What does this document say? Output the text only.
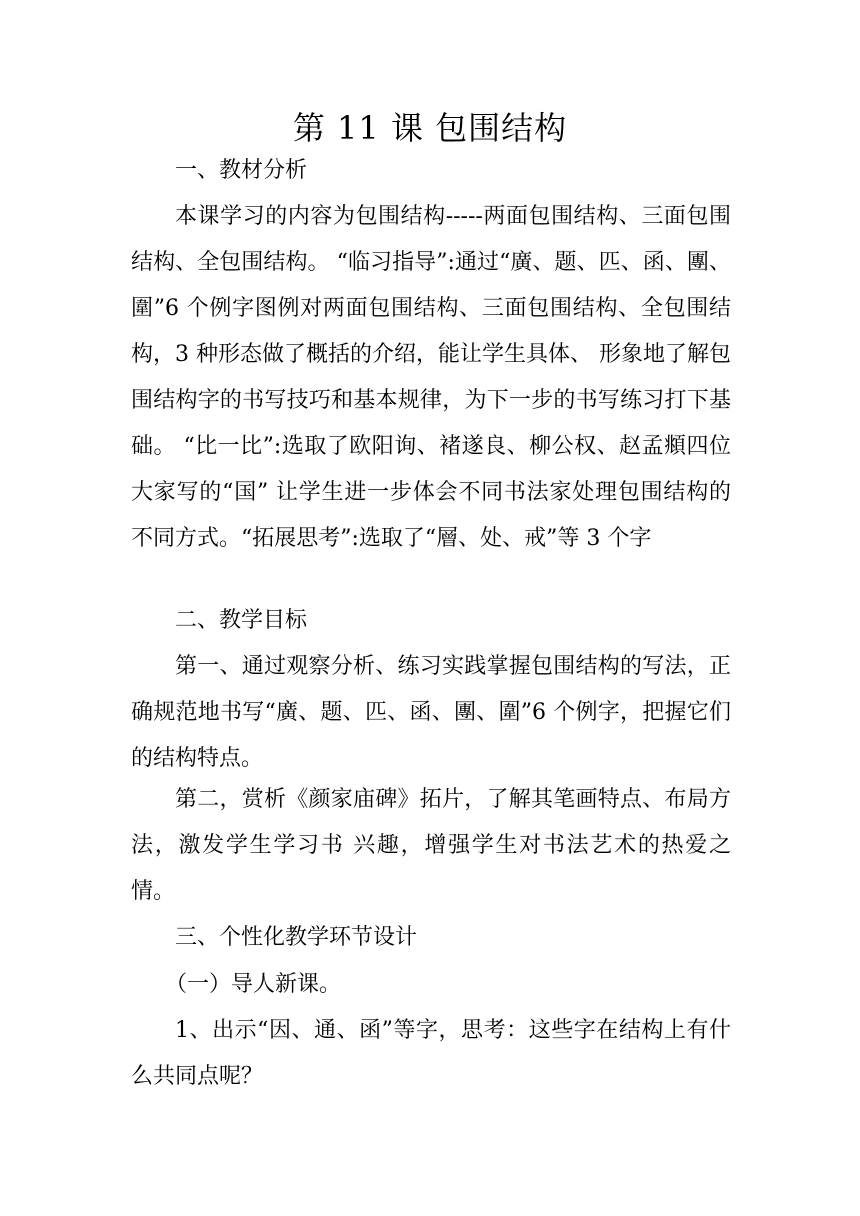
第 11 课 包围结构
一、教材分析

本课学习的内容为包围结构-----两面包围结构、三面包围结构、全包围结构。 “临习指导”:通过“廣、题、匹、函、團、圍”6 个例字图例对两面包围结构、三面包围结构、全包围结构，3 种形态做了概括的介绍，能让学生具体、 形象地了解包围结构字的书写技巧和基本规律，为下一步的书写练习打下基础。 “比一比”:选取了欧阳询、褚遂良、柳公权、赵孟頫四位大家写的“国” 让学生进一步体会不同书法家处理包围结构的不同方式。“拓展思考”:选取了“層、处、戒”等 3 个字

二、教学目标

第一、通过观察分析、练习实践掌握包围结构的写法，正确规范地书写“廣、题、匹、函、團、圍”6 个例字，把握它们的结构特点。

第二，赏析《颜家庙碑》拓片，了解其笔画特点、布局方法，激发学生学习书 兴趣，增强学生对书法艺术的热爱之情。

三、个性化教学环节设计
（一）导人新课。

1、出示“因、通、函”等字，思考：这些字在结构上有什么共同点呢？
